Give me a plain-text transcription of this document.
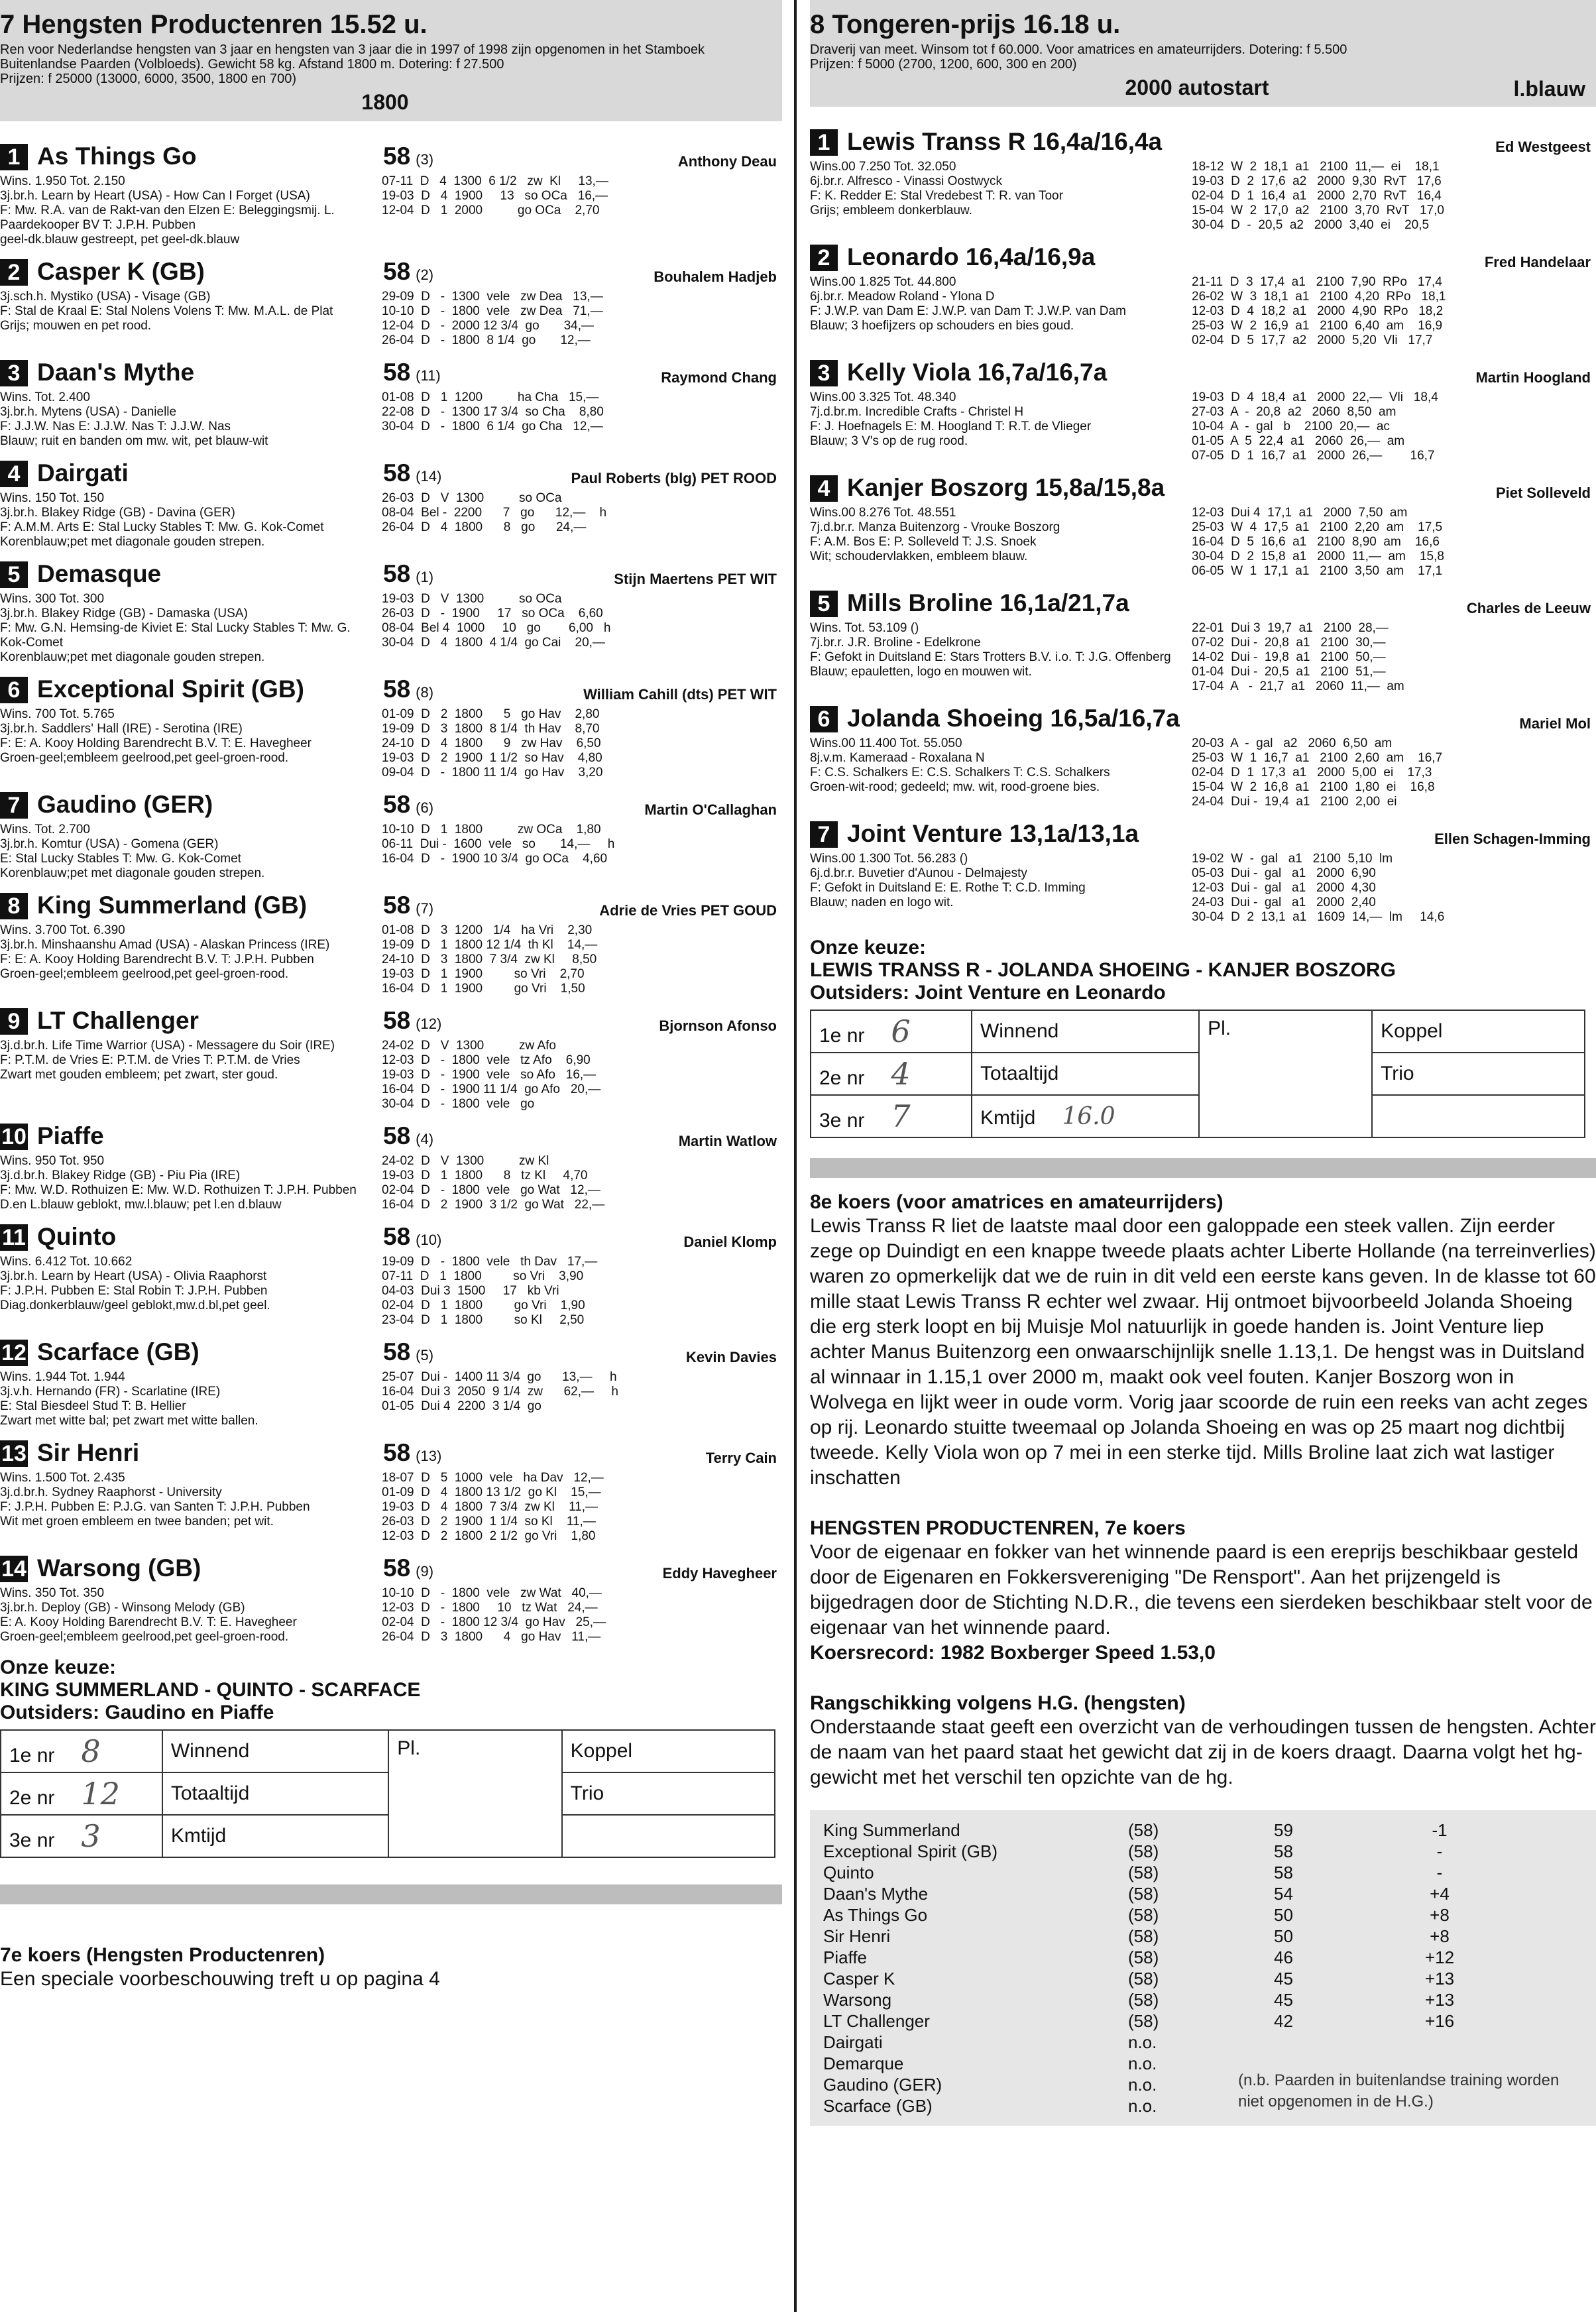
7 Hengsten Productenren 15.52 u.

Ren voor Nederlandse hengsten van 3 jaar en hengsten van 3 jaar die in 1997 of 1998 zijn opgenomen in het Stamboek Buitenlandse Paarden (Volbloeds). Gewicht 58 kg. Afstand 1800 m. Dotering: f 27.500

Prijzen: f 25000 (13000, 6000, 3500, 1800 en 700)

1800
1 As Things Go	58 (3)	Anthony Deau
Wins. 1.950 Tot. 2.150
3j.br.h. Learn by Heart (USA) - How Can I Forget (USA)
F: Mw. R.A. van de Rakt-van den Elzen E: Beleggingsmij. L. Paardekooper BV T: J.P.H. Pubben
geel-dk.blauw gestreept, pet geel-dk.blauw
07-11  D   4  1300  6 1/2   zw  Kl     13,—
19-03  D   4  1900     13   so OCa   16,—
12-04  D   1  2000          go OCa    2,70
2 Casper K (GB)	58 (2)	Bouhalem Hadjeb
3j.sch.h. Mystiko (USA) - Visage (GB)
F: Stal de Kraal E: Stal Nolens Volens T: Mw. M.A.L. de Plat
Grijs; mouwen en pet rood.
29-09  D   -  1300  vele   zw Dea   13,—
10-10  D   -  1800  vele   zw Dea   71,—
12-04  D   -  2000 12 3/4  go       34,—
26-04  D   -  1800  8 1/4  go       12,—
3 Daan's Mythe	58 (11)	Raymond Chang
Wins. Tot. 2.400
3j.br.h. Mytens (USA) - Danielle
F: J.J.W. Nas E: J.J.W. Nas T: J.J.W. Nas
Blauw; ruit en banden om mw. wit, pet blauw-wit
01-08  D   1  1200          ha Cha   15,—
22-08  D   -  1300 17 3/4  so Cha    8,80
30-04  D   -  1800  6 1/4  go Cha   12,—
4 Dairgati	58 (14)	Paul Roberts (blg) PET ROOD
Wins. 150 Tot. 150
3j.br.h. Blakey Ridge (GB) - Davina (GER)
F: A.M.M. Arts E: Stal Lucky Stables T: Mw. G. Kok-Comet
Korenblauw;pet met diagonale gouden strepen.
26-03  D   V  1300          so OCa
08-04  Bel -  2200      7   go      12,—    h
26-04  D   4  1800      8   go      24,—
5 Demasque	58 (1)	Stijn Maertens PET WIT
Wins. 300 Tot. 300
3j.br.h. Blakey Ridge (GB) - Damaska (USA)
F: Mw. G.N. Hemsing-de Kiviet E: Stal Lucky Stables T: Mw. G. Kok-Comet
Korenblauw;pet met diagonale gouden strepen.
19-03  D   V  1300          so OCa
26-03  D   -  1900     17   so OCa    6,60
08-04  Bel 4  1000     10   go        6,00   h
30-04  D   4  1800  4 1/4  go Cai    20,—
6 Exceptional Spirit (GB)	58 (8)	William Cahill (dts) PET WIT
Wins. 700 Tot. 5.765
3j.br.h. Saddlers' Hall (IRE) - Serotina (IRE)
F: E: A. Kooy Holding Barendrecht B.V. T: E. Havegheer
Groen-geel;embleem geelrood,pet geel-groen-rood.
01-09  D   2  1800      5   go Hav    2,80
19-09  D   3  1800  8 1/4  th Hav    8,70
24-10  D   4  1800      9   zw Hav    6,50
19-03  D   2  1900  1 1/2  so Hav    4,80
09-04  D   -  1800 11 1/4  go Hav    3,20
7 Gaudino (GER)	58 (6)	Martin O'Callaghan
Wins. Tot. 2.700
3j.br.h. Komtur (USA) - Gomena (GER)
E: Stal Lucky Stables T: Mw. G. Kok-Comet
Korenblauw;pet met diagonale gouden strepen.
10-10  D   1  1800          zw OCa    1,80
06-11  Dui -  1600  vele   so       14,—     h
16-04  D   -  1900 10 3/4  go OCa    4,60
8 King Summerland (GB)	58 (7)	Adrie de Vries PET GOUD
Wins. 3.700 Tot. 6.390
3j.br.h. Minshaanshu Amad (USA) - Alaskan Princess (IRE)
F: E: A. Kooy Holding Barendrecht B.V. T: J.P.H. Pubben
Groen-geel;embleem geelrood,pet geel-groen-rood.
01-08  D   3  1200   1/4   ha Vri    2,30
19-09  D   1  1800 12 1/4  th Kl    14,—
24-10  D   3  1800  7 3/4  zw Kl     8,50
19-03  D   1  1900         so Vri    2,70
16-04  D   1  1900         go Vri    1,50
9 LT Challenger	58 (12)	Bjornson Afonso
3j.d.br.h. Life Time Warrior (USA) - Messagere du Soir (IRE)
F: P.T.M. de Vries E: P.T.M. de Vries T: P.T.M. de Vries
Zwart met gouden embleem; pet zwart, ster goud.
24-02  D   V  1300          zw Afo
12-03  D   -  1800  vele   tz Afo    6,90
19-03  D   -  1900  vele   so Afo   16,—
16-04  D   -  1900 11 1/4  go Afo   20,—
30-04  D   -  1800  vele   go
10 Piaffe	58 (4)	Martin Watlow
Wins. 950 Tot. 950
3j.d.br.h. Blakey Ridge (GB) - Piu Pia (IRE)
F: Mw. W.D. Rothuizen E: Mw. W.D. Rothuizen T: J.P.H. Pubben
D.en L.blauw geblokt, mw.l.blauw; pet l.en d.blauw
24-02  D   V  1300          zw Kl
19-03  D   1  1800      8   tz Kl     4,70
02-04  D   -  1800  vele   go Wat   12,—
16-04  D   2  1900  3 1/2  go Wat   22,—
11 Quinto	58 (10)	Daniel Klomp
Wins. 6.412 Tot. 10.662
3j.br.h. Learn by Heart (USA) - Olivia Raaphorst
F: J.P.H. Pubben E: Stal Robin T: J.P.H. Pubben
Diag.donkerblauw/geel geblokt,mw.d.bl,pet geel.
19-09  D   -  1800  vele   th Dav   17,—
07-11  D   1  1800         so Vri    3,90
04-03  Dui 3  1500     17   kb Vri
02-04  D   1  1800         go Vri    1,90
23-04  D   1  1800         so Kl     2,50
12 Scarface (GB)	58 (5)	Kevin Davies
Wins. 1.944 Tot. 1.944
3j.v.h. Hernando (FR) - Scarlatine (IRE)
E: Stal Biesdeel Stud T: B. Hellier
Zwart met witte bal; pet zwart met witte ballen.
25-07  Dui -  1400 11 3/4  go      13,—     h
16-04  Dui 3  2050  9 1/4  zw      62,—     h
01-05  Dui 4  2200  3 1/4  go
13 Sir Henri	58 (13)	Terry Cain
Wins. 1.500 Tot. 2.435
3j.d.br.h. Sydney Raaphorst - University
F: J.P.H. Pubben E: P.J.G. van Santen T: J.P.H. Pubben
Wit met groen embleem en twee banden; pet wit.
18-07  D   5  1000  vele   ha Dav   12,—
01-09  D   4  1800 13 1/2  go Kl    15,—
19-03  D   4  1800  7 3/4  zw Kl    11,—
26-03  D   2  1900  1 1/4  so Kl    11,—
12-03  D   2  1800  2 1/2  go Vri    1,80
14 Warsong (GB)	58 (9)	Eddy Havegheer
Wins. 350 Tot. 350
3j.br.h. Deploy (GB) - Winsong Melody (GB)
E: A. Kooy Holding Barendrecht B.V. T: E. Havegheer
Groen-geel;embleem geelrood,pet geel-groen-rood.
10-10  D   -  1800  vele   zw Wat   40,—
12-03  D   -  1800     10   tz Wat   24,—
02-04  D   -  1800 12 3/4  go Hav   25,—
26-04  D   3  1800      4   go Hav   11,—
Onze keuze:
KING SUMMERLAND - QUINTO - SCARFACE
Outsiders: Gaudino en Piaffe
1e nr 8	Winnend	Pl.	Koppel
2e nr 12	Totaaltijd		Trio
3e nr 3	Kmtijd		
7e koers (Hengsten Productenren)

Een speciale voorbeschouwing treft u op pagina 4

8 Tongeren-prijs 16.18 u.

Draverij van meet. Winsom tot f 60.000. Voor amatrices en amateurrijders. Dotering: f 5.500

Prijzen: f 5000 (2700, 1200, 600, 300 en 200)

2000 autostart	l.blauw
1 Lewis Transs R 16,4a/16,4a	Ed Westgeest
Wins.00 7.250 Tot. 32.050
6j.br.r. Alfresco - Vinassi Oostwyck
F: K. Redder E: Stal Vredebest T: R. van Toor
Grijs; embleem donkerblauw.
18-12  W  2  18,1  a1   2100  11,—  ei    18,1
19-03  D  2  17,6  a2   2000  9,30  RvT   17,6
02-04  D  1  16,4  a1   2000  2,70  RvT   16,4
15-04  W  2  17,0  a2   2100  3,70  RvT   17,0
30-04  D  -  20,5  a2   2000  3,40  ei    20,5
2 Leonardo 16,4a/16,9a	Fred Handelaar
Wins.00 1.825 Tot. 44.800
6j.br.r. Meadow Roland - Ylona D
F: J.W.P. van Dam E: J.W.P. van Dam T: J.W.P. van Dam
Blauw; 3 hoefijzers op schouders en bies goud.
21-11  D  3  17,4  a1   2100  7,90  RPo   17,4
26-02  W  3  18,1  a1   2100  4,20  RPo   18,1
12-03  D  4  18,2  a1   2000  4,90  RPo   18,2
25-03  W  2  16,9  a1   2100  6,40  am    16,9
02-04  D  5  17,7  a2   2000  5,20  Vli   17,7
3 Kelly Viola 16,7a/16,7a	Martin Hoogland
Wins.00 3.325 Tot. 48.340
7j.d.br.m. Incredible Crafts - Christel H
F: J. Hoefnagels E: M. Hoogland T: R.T. de Vlieger
Blauw; 3 V's op de rug rood.
19-03  D  4  18,4  a1   2000  22,—  Vli   18,4
27-03  A  -  20,8  a2   2060  8,50  am
10-04  A  -  gal   b    2100  20,—  ac
01-05  A  5  22,4  a1   2060  26,—  am
07-05  D  1  16,7  a1   2000  26,—        16,7
4 Kanjer Boszorg 15,8a/15,8a	Piet Solleveld
Wins.00 8.276 Tot. 48.551
7j.d.br.r. Manza Buitenzorg - Vrouke Boszorg
F: A.M. Bos E: P. Solleveld T: J.S. Snoek
Wit; schoudervlakken, embleem blauw.
12-03  Dui 4  17,1  a1   2000  7,50  am
25-03  W  4  17,5  a1   2100  2,20  am    17,5
16-04  D  5  16,6  a1   2100  8,90  am    16,6
30-04  D  2  15,8  a1   2000  11,—  am    15,8
06-05  W  1  17,1  a1   2100  3,50  am    17,1
5 Mills Broline 16,1a/21,7a	Charles de Leeuw
Wins. Tot. 53.109 ()
7j.br.r. J.R. Broline - Edelkrone
F: Gefokt in Duitsland E: Stars Trotters B.V. i.o. T: J.G. Offenberg
Blauw; epauletten, logo en mouwen wit.
22-01  Dui 3  19,7  a1   2100  28,—
07-02  Dui -  20,8  a1   2100  30,—
14-02  Dui -  19,8  a1   2100  50,—
01-04  Dui -  20,5  a1   2100  51,—
17-04  A   -  21,7  a1   2060  11,—  am
6 Jolanda Shoeing 16,5a/16,7a	Mariel Mol
Wins.00 11.400 Tot. 55.050
8j.v.m. Kameraad - Roxalana N
F: C.S. Schalkers E: C.S. Schalkers T: C.S. Schalkers
Groen-wit-rood; gedeeld; mw. wit, rood-groene bies.
20-03  A  -  gal   a2   2060  6,50  am
25-03  W  1  16,7  a1   2100  2,60  am    16,7
02-04  D  1  17,3  a1   2000  5,00  ei    17,3
15-04  W  2  16,8  a1   2100  1,80  ei    16,8
24-04  Dui -  19,4  a1   2100  2,00  ei
7 Joint Venture 13,1a/13,1a	Ellen Schagen-Imming
Wins.00 1.300 Tot. 56.283 ()
6j.d.br.r. Buvetier d'Aunou - Delmajesty
F: Gefokt in Duitsland E: E. Rothe T: C.D. Imming
Blauw; naden en logo wit.
19-02  W  -  gal   a1   2100  5,10  lm
05-03  Dui -  gal   a1   2000  6,90
12-03  Dui -  gal   a1   2000  4,30
24-03  Dui -  gal   a1   2000  2,40
30-04  D  2  13,1  a1   1609  14,—  lm     14,6
Onze keuze:
LEWIS TRANSS R - JOLANDA SHOEING - KANJER BOSZORG
Outsiders: Joint Venture en Leonardo
1e nr 6	Winnend	Pl.	Koppel
2e nr 4	Totaaltijd		Trio
3e nr 7	Kmtijd 16.0		
8e koers (voor amatrices en amateurrijders)

Lewis Transs R liet de laatste maal door een galoppade een steek vallen. Zijn eerder zege op Duindigt en een knappe tweede plaats achter Liberte Hollande (na terreinverlies) waren zo opmerkelijk dat we de ruin in dit veld een eerste kans geven. In de klasse tot 60 mille staat Lewis Transs R echter wel zwaar. Hij ontmoet bijvoorbeeld Jolanda Shoeing die erg sterk loopt en bij Muisje Mol natuurlijk in goede handen is. Joint Venture liep achter Manus Buitenzorg een onwaarschijnlijk snelle 1.13,1. De hengst was in Duitsland al winnaar in 1.15,1 over 2000 m, maakt ook veel fouten. Kanjer Boszorg won in Wolvega en lijkt weer in oude vorm. Vorig jaar scoorde de ruin een reeks van acht zeges op rij. Leonardo stuitte tweemaal op Jolanda Shoeing en was op 25 maart nog dichtbij tweede. Kelly Viola won op 7 mei in een sterke tijd. Mills Broline laat zich wat lastiger inschatten

HENGSTEN PRODUCTENREN, 7e koers

Voor de eigenaar en fokker van het winnende paard is een ereprijs beschikbaar gesteld door de Eigenaren en Fokkersvereniging "De Rensport". Aan het prijzengeld is bijgedragen door de Stichting N.D.R., die tevens een sierdeken beschikbaar stelt voor de eigenaar van het winnende paard.

Koersrecord: 1982 Boxberger Speed 1.53,0

Rangschikking volgens H.G. (hengsten)

Onderstaande staat geeft een overzicht van de verhoudingen tussen de hengsten. Achter de naam van het paard staat het gewicht dat zij in de koers draagt. Daarna volgt het hg-gewicht met het verschil ten opzichte van de hg.

King Summerland	(58)	59	-1
Exceptional Spirit (GB)	(58)	58	-
Quinto	(58)	58	-
Daan's Mythe	(58)	54	+4
As Things Go	(58)	50	+8
Sir Henri	(58)	50	+8
Piaffe	(58)	46	+12
Casper K	(58)	45	+13
Warsong	(58)	45	+13
LT Challenger	(58)	42	+16
Dairgati	n.o.
Demarque	n.o.
Gaudino (GER)	n.o.
Scarface (GB)	n.o.
(n.b. Paarden in buitenlandse training worden niet opgenomen in de H.G.)
